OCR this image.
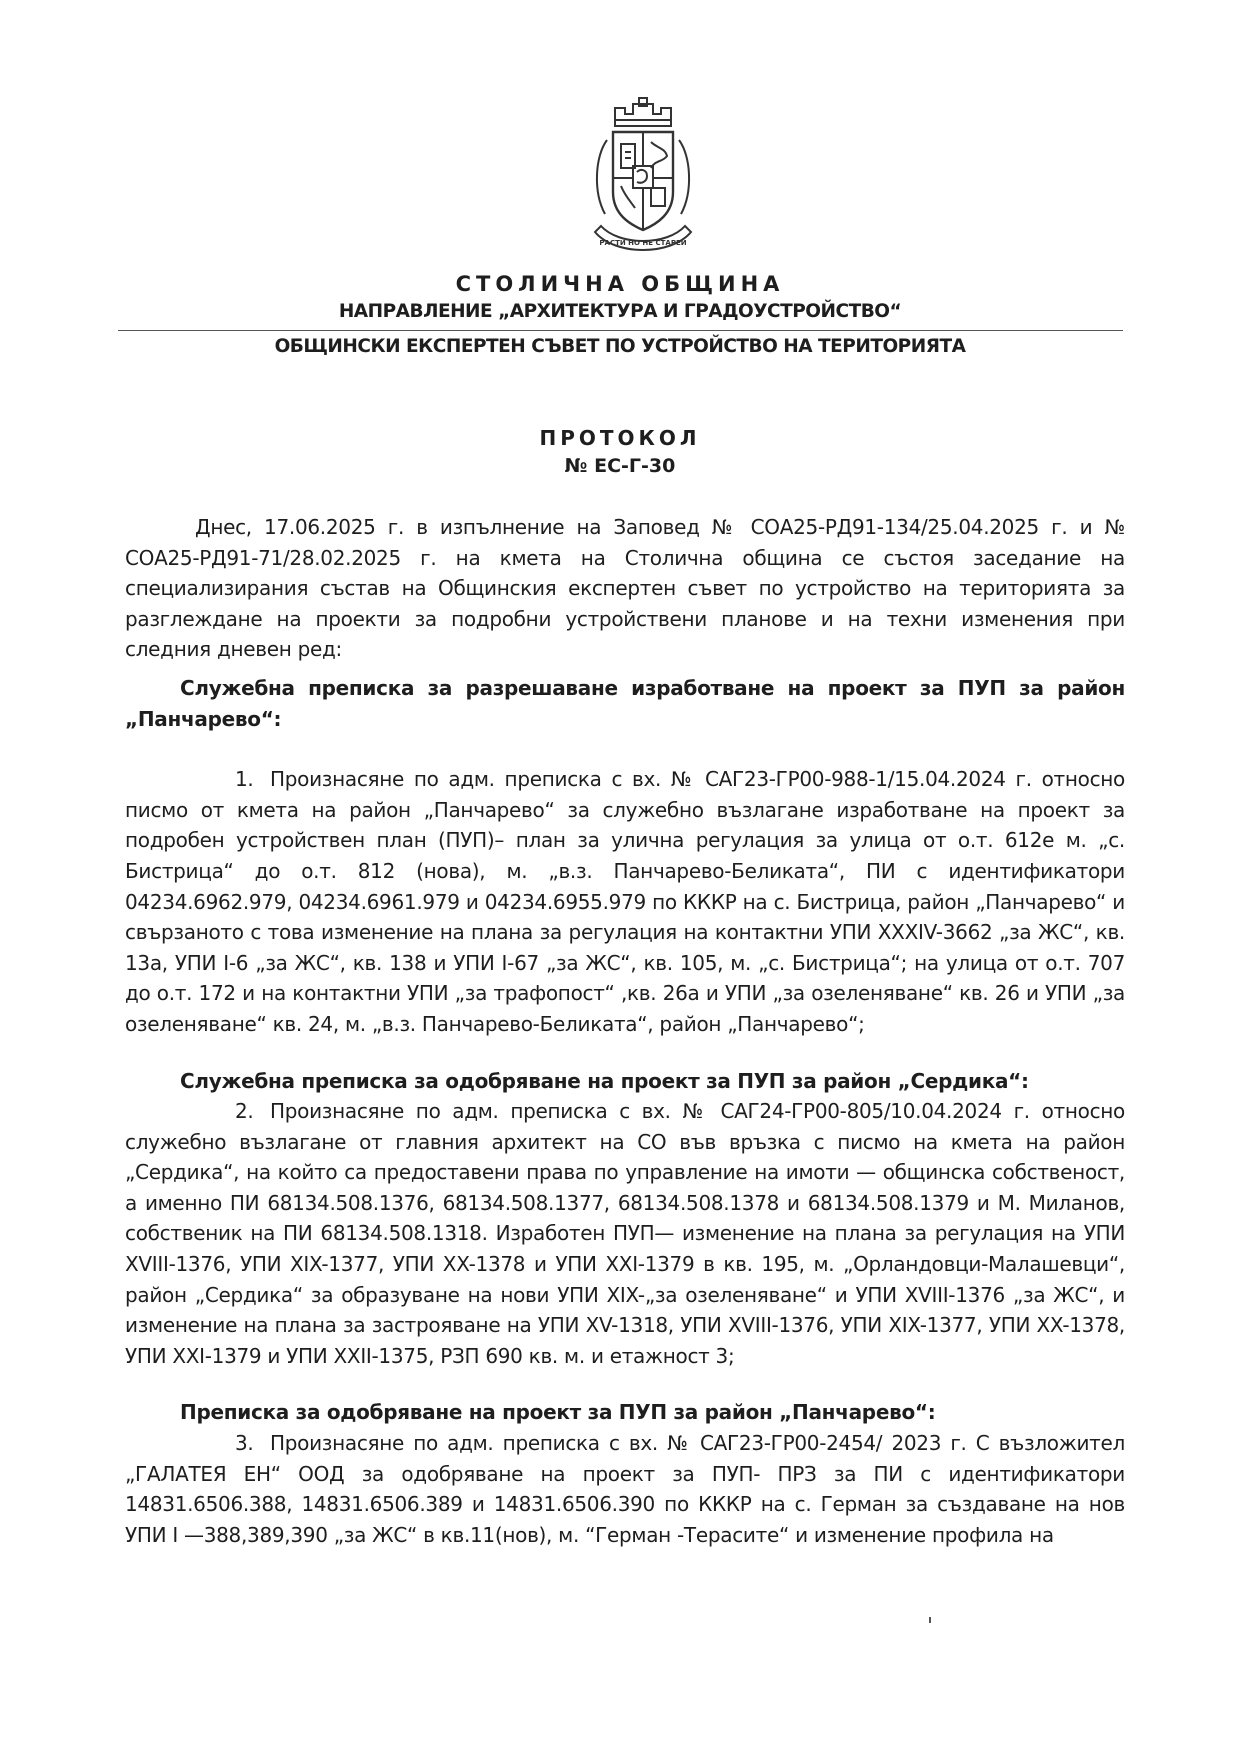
РАСТИ НО НЕ СТАРЕЙ
СТОЛИЧНА ОБЩИНА
НАПРАВЛЕНИЕ „АРХИТЕКТУРА И ГРАДОУСТРОЙСТВО“
ОБЩИНСКИ ЕКСПЕРТЕН СЪВЕТ ПО УСТРОЙСТВО НА ТЕРИТОРИЯТА
ПРОТОКОЛ
№ ЕС-Г-30

Днес, 17.06.2025 г. в изпълнение на Заповед № СОА25-РД91-134/25.04.2025 г. и № СОА25-РД91-71/28.02.2025 г. на кмета на Столична община се състоя заседание на специализирания състав на Общинския експертен съвет по устройство на територията за разглеждане на проекти за подробни устройствени планове и на техни изменения при следния дневен ред:

Служебна преписка за разрешаване изработване на проект за ПУП за район „Панчарево“:

1. Произнасяне по адм. преписка с вх. № САГ23-ГР00-988-1/15.04.2024 г. относно писмо от кмета на район „Панчарево“ за служебно възлагане изработване на проект за подробен устройствен план (ПУП)– план за улична регулация за улица от о.т. 612е м. „с. Бистрица“ до о.т. 812 (нова), м. „в.з. Панчарево-Беликата“, ПИ с идентификатори 04234.6962.979, 04234.6961.979 и 04234.6955.979 по КККР на с. Бистрица, район „Панчарево“ и свързаното с това изменение на плана за регулация на контактни УПИ XXXIV-3662 „за ЖС“, кв. 13а, УПИ I-6 „за ЖС“, кв. 138 и УПИ I-67 „за ЖС“, кв. 105, м. „с. Бистрица“; на улица от о.т. 707 до о.т. 172 и на контактни УПИ „за трафопост“ ,кв. 26а и УПИ „за озеленяване“ кв. 26 и УПИ „за озеленяване“ кв. 24, м. „в.з. Панчарево-Беликата“, район „Панчарево“;

Служебна преписка за одобряване на проект за ПУП за район „Сердика“:

2. Произнасяне по адм. преписка с вх. № САГ24-ГР00-805/10.04.2024 г. относно служебно възлагане от главния архитект на СО във връзка с писмо на кмета на район „Сердика“, на който са предоставени права по управление на имоти — общинска собственост, а именно ПИ 68134.508.1376, 68134.508.1377, 68134.508.1378 и 68134.508.1379 и М. Миланов, собственик на ПИ 68134.508.1318. Изработен ПУП— изменение на плана за регулация на УПИ XVIII-1376, УПИ XIX-1377, УПИ XX-1378 и УПИ XXI-1379 в кв. 195, м. „Орландовци-Малашевци“, район „Сердика“ за образуване на нови УПИ XIX-„за озеленяване“ и УПИ XVIII-1376 „за ЖС“, и изменение на плана за застрояване на УПИ XV-1318, УПИ XVIII-1376, УПИ XIX-1377, УПИ XX-1378, УПИ XXI-1379 и УПИ XXII-1375, РЗП 690 кв. м. и етажност 3;

Преписка за одобряване на проект за ПУП за район „Панчарево“:

3. Произнасяне по адм. преписка с вх. № САГ23-ГР00-2454/ 2023 г. С възложител „ГАЛАТЕЯ ЕН“ ООД за одобряване на проект за ПУП- ПРЗ за ПИ с идентификатори 14831.6506.388, 14831.6506.389 и 14831.6506.390 по КККР на с. Герман за създаване на нов УПИ I —388,389,390 „за ЖС“ в кв.11(нов), м. “Герман -Терасите“ и изменение профила на
